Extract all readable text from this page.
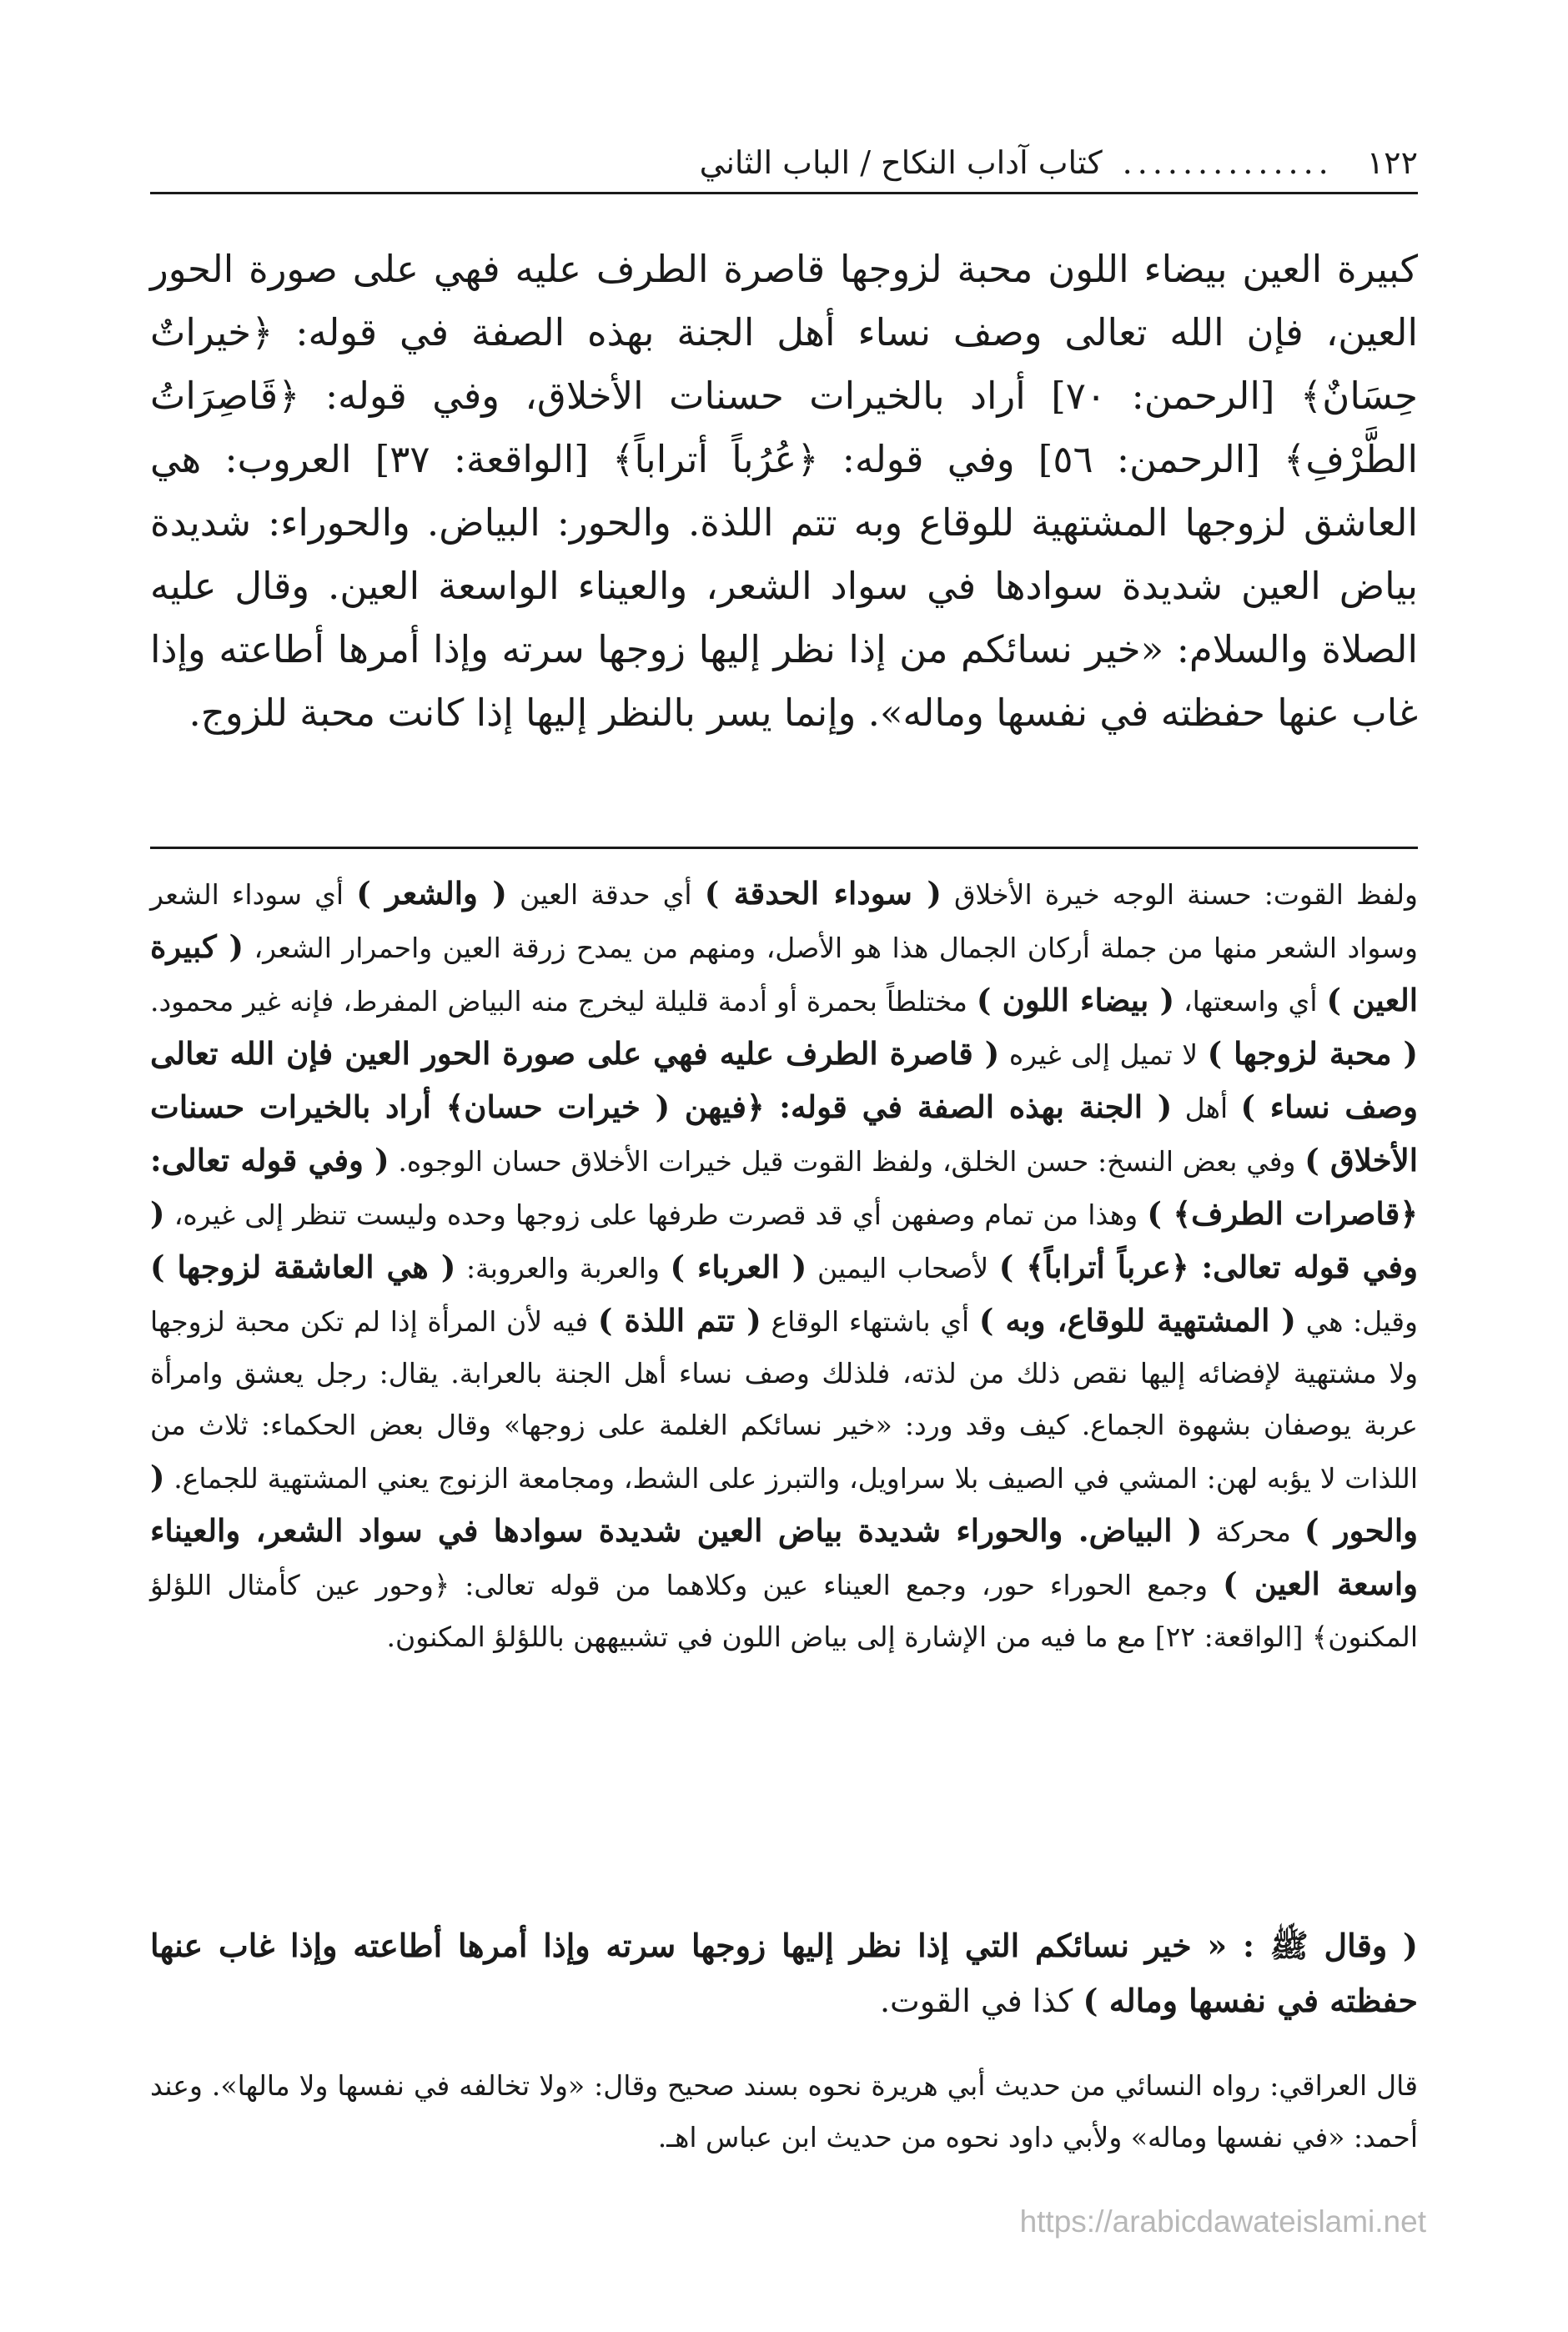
١٢٢
..............
كتاب آداب النكاح / الباب الثاني

كبيرة العين بيضاء اللون محبة لزوجها قاصرة الطرف عليه فهي على صورة الحور العين، فإن الله تعالى وصف نساء أهل الجنة بهذه الصفة في قوله: ﴿خيراتٌ حِسَانٌ﴾ [الرحمن: ٧٠] أراد بالخيرات حسنات الأخلاق، وفي قوله: ﴿قَاصِرَاتُ الطَّرْفِ﴾ [الرحمن: ٥٦] وفي قوله: ﴿عُرُباً أتراباً﴾ [الواقعة: ٣٧] العروب: هي العاشق لزوجها المشتهية للوقاع وبه تتم اللذة. والحور: البياض. والحوراء: شديدة بياض العين شديدة سوادها في سواد الشعر، والعيناء الواسعة العين. وقال عليه الصلاة والسلام: «خير نسائكم من إذا نظر إليها زوجها سرته وإذا أمرها أطاعته وإذا غاب عنها حفظته في نفسها وماله». وإنما يسر بالنظر إليها إذا كانت محبة للزوج.

ولفظ القوت: حسنة الوجه خيرة الأخلاق ( سوداء الحدقة ) أي حدقة العين ( والشعر ) أي سوداء الشعر وسواد الشعر منها من جملة أركان الجمال هذا هو الأصل، ومنهم من يمدح زرقة العين واحمرار الشعر، ( كبيرة العين ) أي واسعتها، ( بيضاء اللون ) مختلطاً بحمرة أو أدمة قليلة ليخرج منه البياض المفرط، فإنه غير محمود. ( محبة لزوجها ) لا تميل إلى غيره ( قاصرة الطرف عليه فهي على صورة الحور العين فإن الله تعالى وصف نساء ) أهل ( الجنة بهذه الصفة في قوله: ﴿فيهن ( خيرات حسان﴾ أراد بالخيرات حسنات الأخلاق ) وفي بعض النسخ: حسن الخلق، ولفظ القوت قيل خيرات الأخلاق حسان الوجوه. ( وفي قوله تعالى: ﴿قاصرات الطرف﴾ ) وهذا من تمام وصفهن أي قد قصرت طرفها على زوجها وحده وليست تنظر إلى غيره، ( وفي قوله تعالى: ﴿عرباً أتراباً﴾ ) لأصحاب اليمين ( العرباء ) والعربة والعروبة: ( هي العاشقة لزوجها ) وقيل: هي ( المشتهية للوقاع، وبه ) أي باشتهاء الوقاع ( تتم اللذة ) فيه لأن المرأة إذا لم تكن محبة لزوجها ولا مشتهية لإفضائه إليها نقص ذلك من لذته، فلذلك وصف نساء أهل الجنة بالعرابة. يقال: رجل يعشق وامرأة عربة يوصفان بشهوة الجماع. كيف وقد ورد: «خير نسائكم الغلمة على زوجها» وقال بعض الحكماء: ثلاث من اللذات لا يؤبه لهن: المشي في الصيف بلا سراويل، والتبرز على الشط، ومجامعة الزنوج يعني المشتهية للجماع. ( والحور ) محركة ( البياض. والحوراء شديدة بياض العين شديدة سوادها في سواد الشعر، والعيناء واسعة العين ) وجمع الحوراء حور، وجمع العيناء عين وكلاهما من قوله تعالى: ﴿وحور عين كأمثال اللؤلؤ المكنون﴾ [الواقعة: ٢٢] مع ما فيه من الإشارة إلى بياض اللون في تشبيههن باللؤلؤ المكنون.

( وقال ﷺ : « خير نسائكم التي إذا نظر إليها زوجها سرته وإذا أمرها أطاعته وإذا غاب عنها حفظته في نفسها وماله ) كذا في القوت.

قال العراقي: رواه النسائي من حديث أبي هريرة نحوه بسند صحيح وقال: «ولا تخالفه في نفسها ولا مالها». وعند أحمد: «في نفسها وماله» ولأبي داود نحوه من حديث ابن عباس اهـ.

https://arabicdawateislami.net
